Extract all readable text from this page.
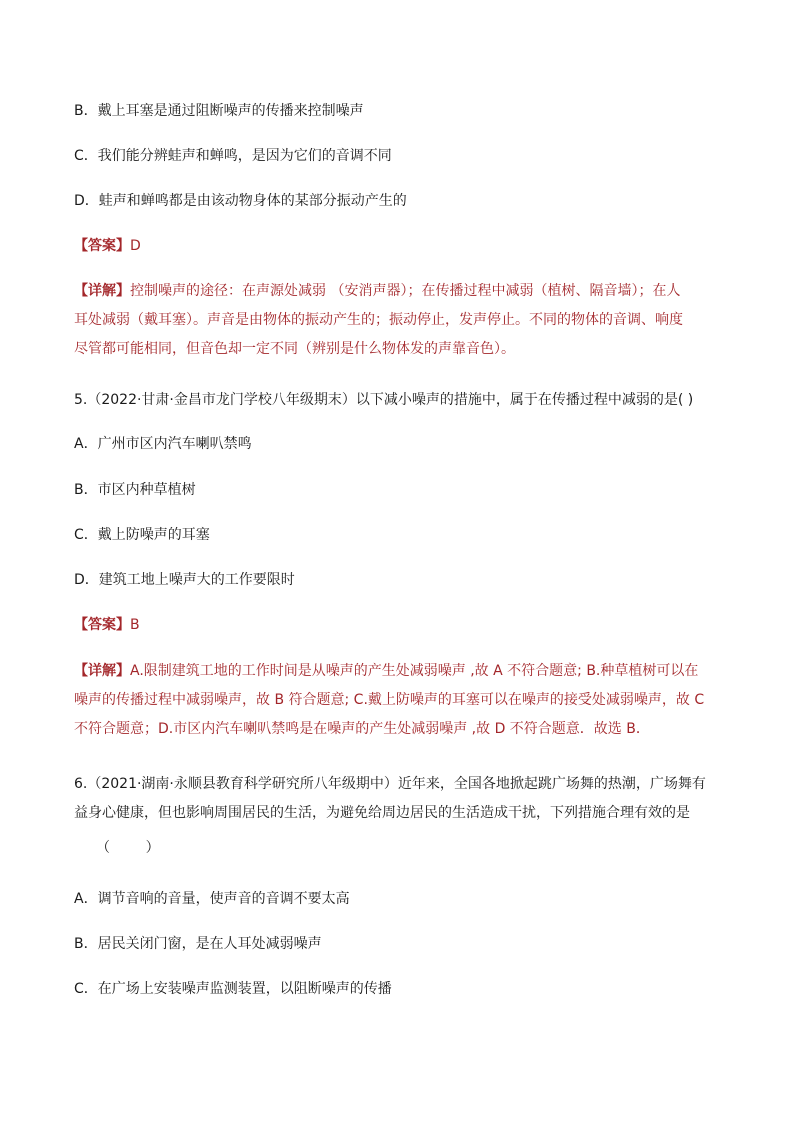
B．戴上耳塞是通过阻断噪声的传播来控制噪声
C．我们能分辨蛙声和蝉鸣，是因为它们的音调不同
D．蛙声和蝉鸣都是由该动物身体的某部分振动产生的
【答案】D
【详解】控制噪声的途径：在声源处减弱 （安消声器）；在传播过程中减弱（植树、隔音墙）；在人
耳处减弱（戴耳塞）。声音是由物体的振动产生的；振动停止，发声停止。不同的物体的音调、响度
尽管都可能相同，但音色却一定不同（辨别是什么物体发的声靠音色）。
5.（2022·甘肃·金昌市龙门学校八年级期末）以下减小噪声的措施中，属于在传播过程中减弱的是( )
A．广州市区内汽车喇叭禁鸣
B．市区内种草植树
C．戴上防噪声的耳塞
D．建筑工地上噪声大的工作要限时
【答案】B
【详解】A.限制建筑工地的工作时间是从噪声的产生处减弱噪声 ,故 A 不符合题意; B.种草植树可以在
噪声的传播过程中减弱噪声，故 B 符合题意; C.戴上防噪声的耳塞可以在噪声的接受处减弱噪声，故 C
不符合题意；D.市区内汽车喇叭禁鸣是在噪声的产生处减弱噪声 ,故 D 不符合题意．故选 B．
6.（2021·湖南·永顺县教育科学研究所八年级期中）近年来，全国各地掀起跳广场舞的热潮，广场舞有
益身心健康，但也影响周围居民的生活，为避免给周边居民的生活造成干扰，下列措施合理有效的是
（        ）
A．调节音响的音量，使声音的音调不要太高
B．居民关闭门窗，是在人耳处减弱噪声
C．在广场上安装噪声监测装置，以阻断噪声的传播
